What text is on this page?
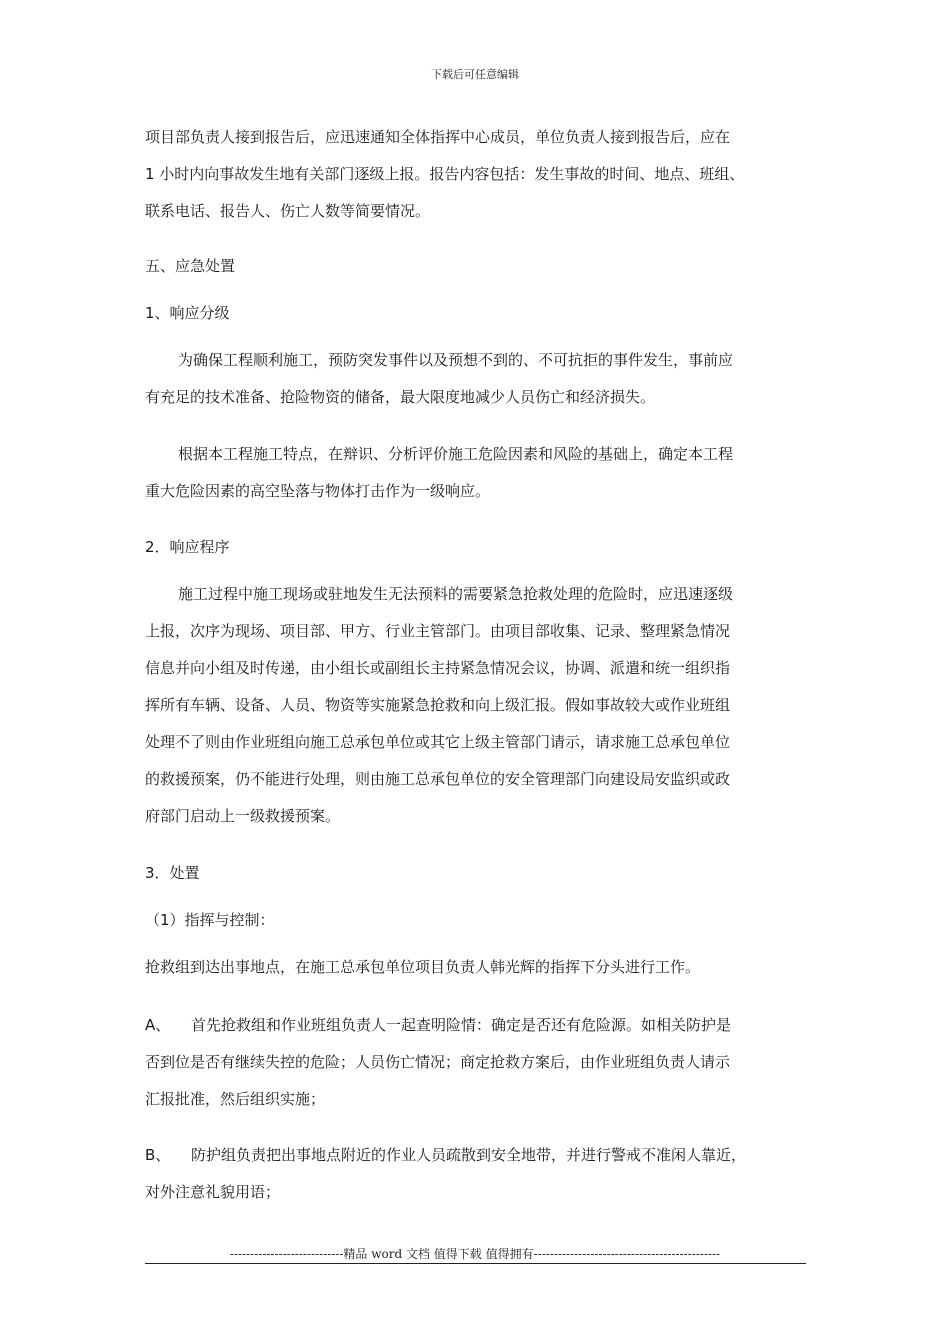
下载后可任意编辑
项目部负责人接到报告后，应迅速通知全体指挥中心成员，单位负责人接到报告后，应在
1 小时内向事故发生地有关部门逐级上报。报告内容包括：发生事故的时间、地点、班组、
联系电话、报告人、伤亡人数等简要情况。
五、应急处置
1、响应分级
为确保工程顺利施工，预防突发事件以及预想不到的、不可抗拒的事件发生，事前应
有充足的技术准备、抢险物资的储备，最大限度地减少人员伤亡和经济损失。
根据本工程施工特点，在辩识、分析评价施工危险因素和风险的基础上，确定本工程
重大危险因素的高空坠落与物体打击作为一级响应。
2．响应程序
施工过程中施工现场或驻地发生无法预料的需要紧急抢救处理的危险时，应迅速逐级
上报，次序为现场、项目部、甲方、行业主管部门。由项目部收集、记录、整理紧急情况
信息并向小组及时传递，由小组长或副组长主持紧急情况会议，协调、派遣和统一组织指
挥所有车辆、设备、人员、物资等实施紧急抢救和向上级汇报。假如事故较大或作业班组
处理不了则由作业班组向施工总承包单位或其它上级主管部门请示，请求施工总承包单位
的救援预案，仍不能进行处理，则由施工总承包单位的安全管理部门向建设局安监织或政
府部门启动上一级救援预案。
3．处置
（1）指挥与控制：
抢救组到达出事地点，在施工总承包单位项目负责人韩光辉的指挥下分头进行工作。
A、 首先抢救组和作业班组负责人一起查明险情：确定是否还有危险源。如相关防护是
否到位是否有继续失控的危险；人员伤亡情况；商定抢救方案后，由作业班组负责人请示
汇报批准，然后组织实施；
B、 防护组负责把出事地点附近的作业人员疏散到安全地带，并进行警戒不准闲人靠近，
对外注意礼貌用语；
----------------------------精品 word 文档 值得下载 值得拥有----------------------------------------------
